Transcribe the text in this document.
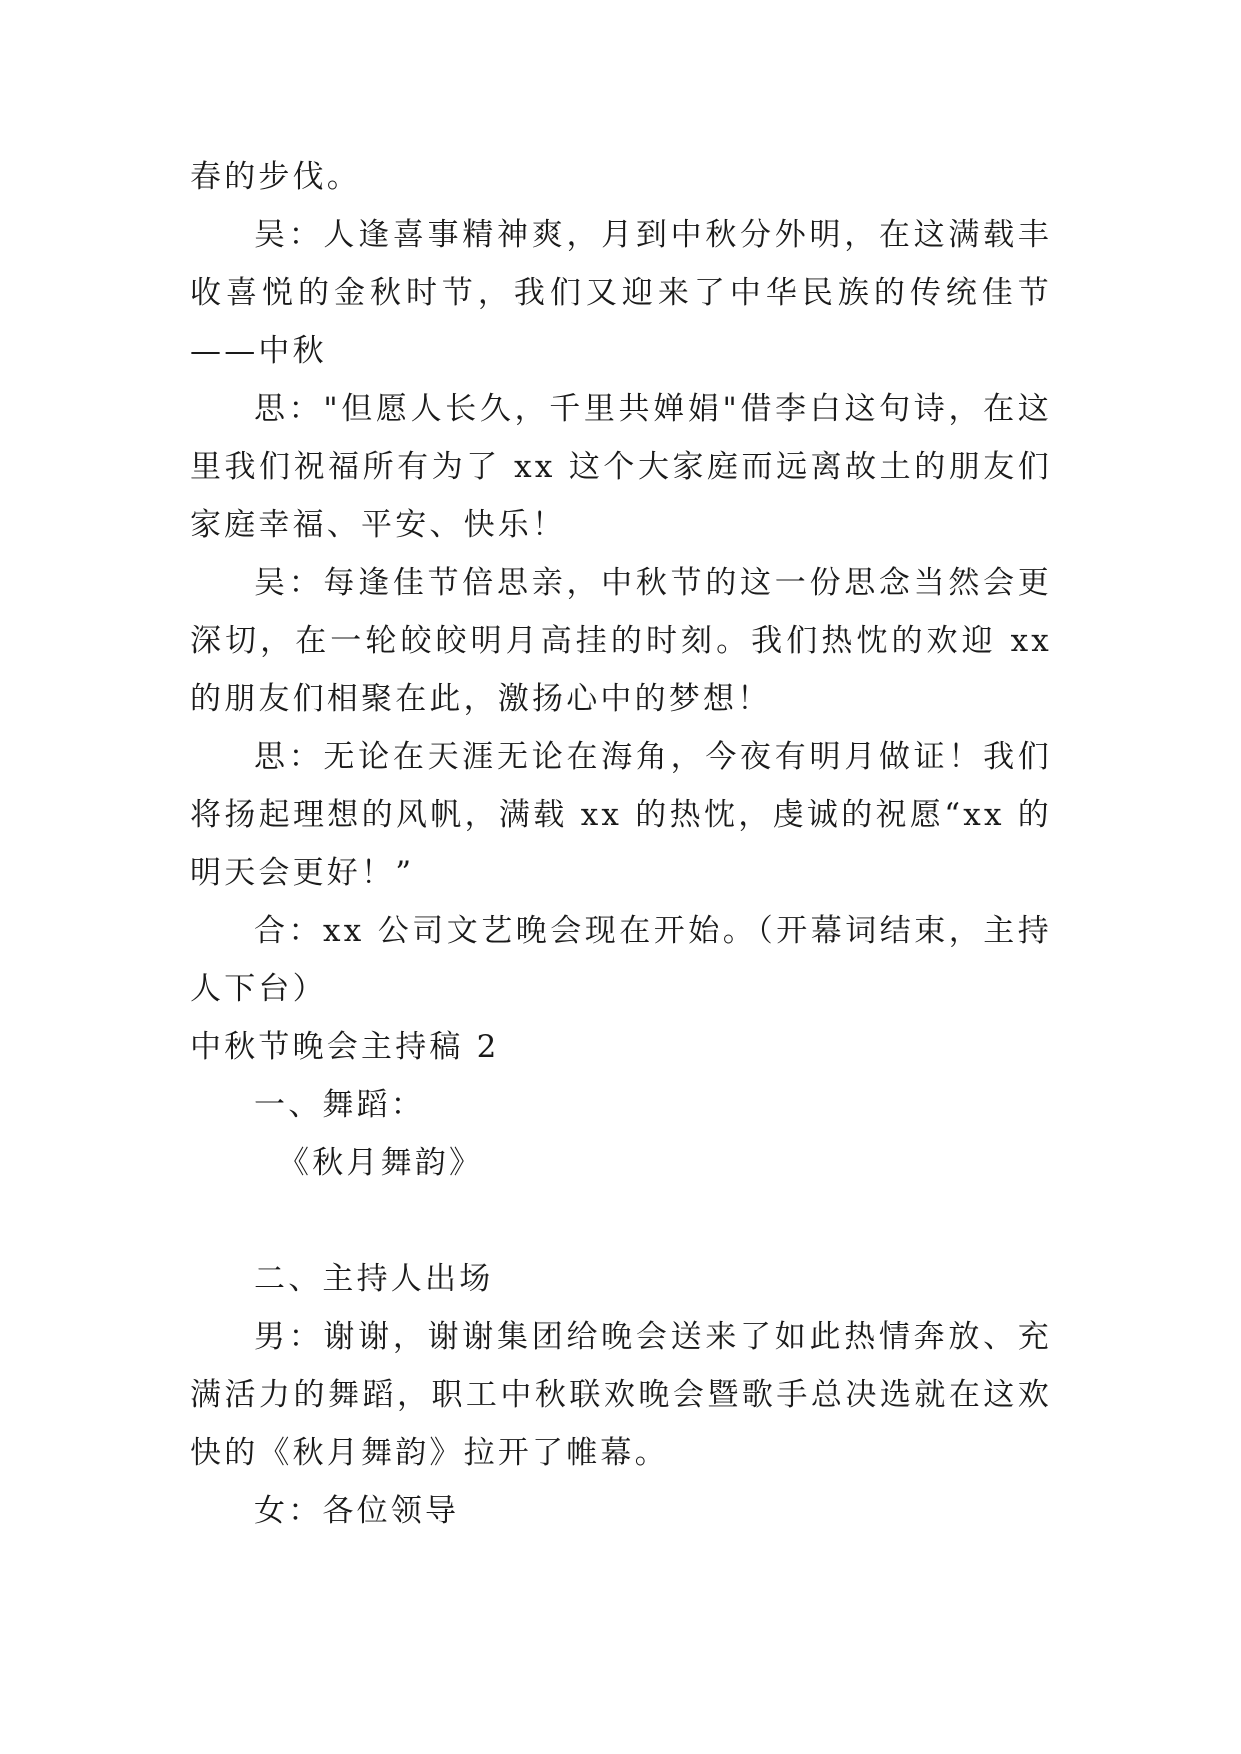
春的步伐。

吴：人逢喜事精神爽，月到中秋分外明，在这满载丰收喜悦的金秋时节，我们又迎来了中华民族的传统佳节——中秋

思："但愿人长久，千里共婵娟"借李白这句诗，在这里我们祝福所有为了 xx 这个大家庭而远离故土的朋友们家庭幸福、平安、快乐！

吴：每逢佳节倍思亲，中秋节的这一份思念当然会更深切，在一轮皎皎明月高挂的时刻。我们热忱的欢迎 xx 的朋友们相聚在此，激扬心中的梦想！

思：无论在天涯无论在海角，今夜有明月做证！我们将扬起理想的风帆，满载 xx 的热忱，虔诚的祝愿“xx 的明天会更好！”

合：xx 公司文艺晚会现在开始。（开幕词结束，主持人下台）

中秋节晚会主持稿 2

一、舞蹈：

《秋月舞韵》

二、主持人出场

男：谢谢，谢谢集团给晚会送来了如此热情奔放、充满活力的舞蹈，职工中秋联欢晚会暨歌手总决选就在这欢快的《秋月舞韵》拉开了帷幕。

女：各位领导
